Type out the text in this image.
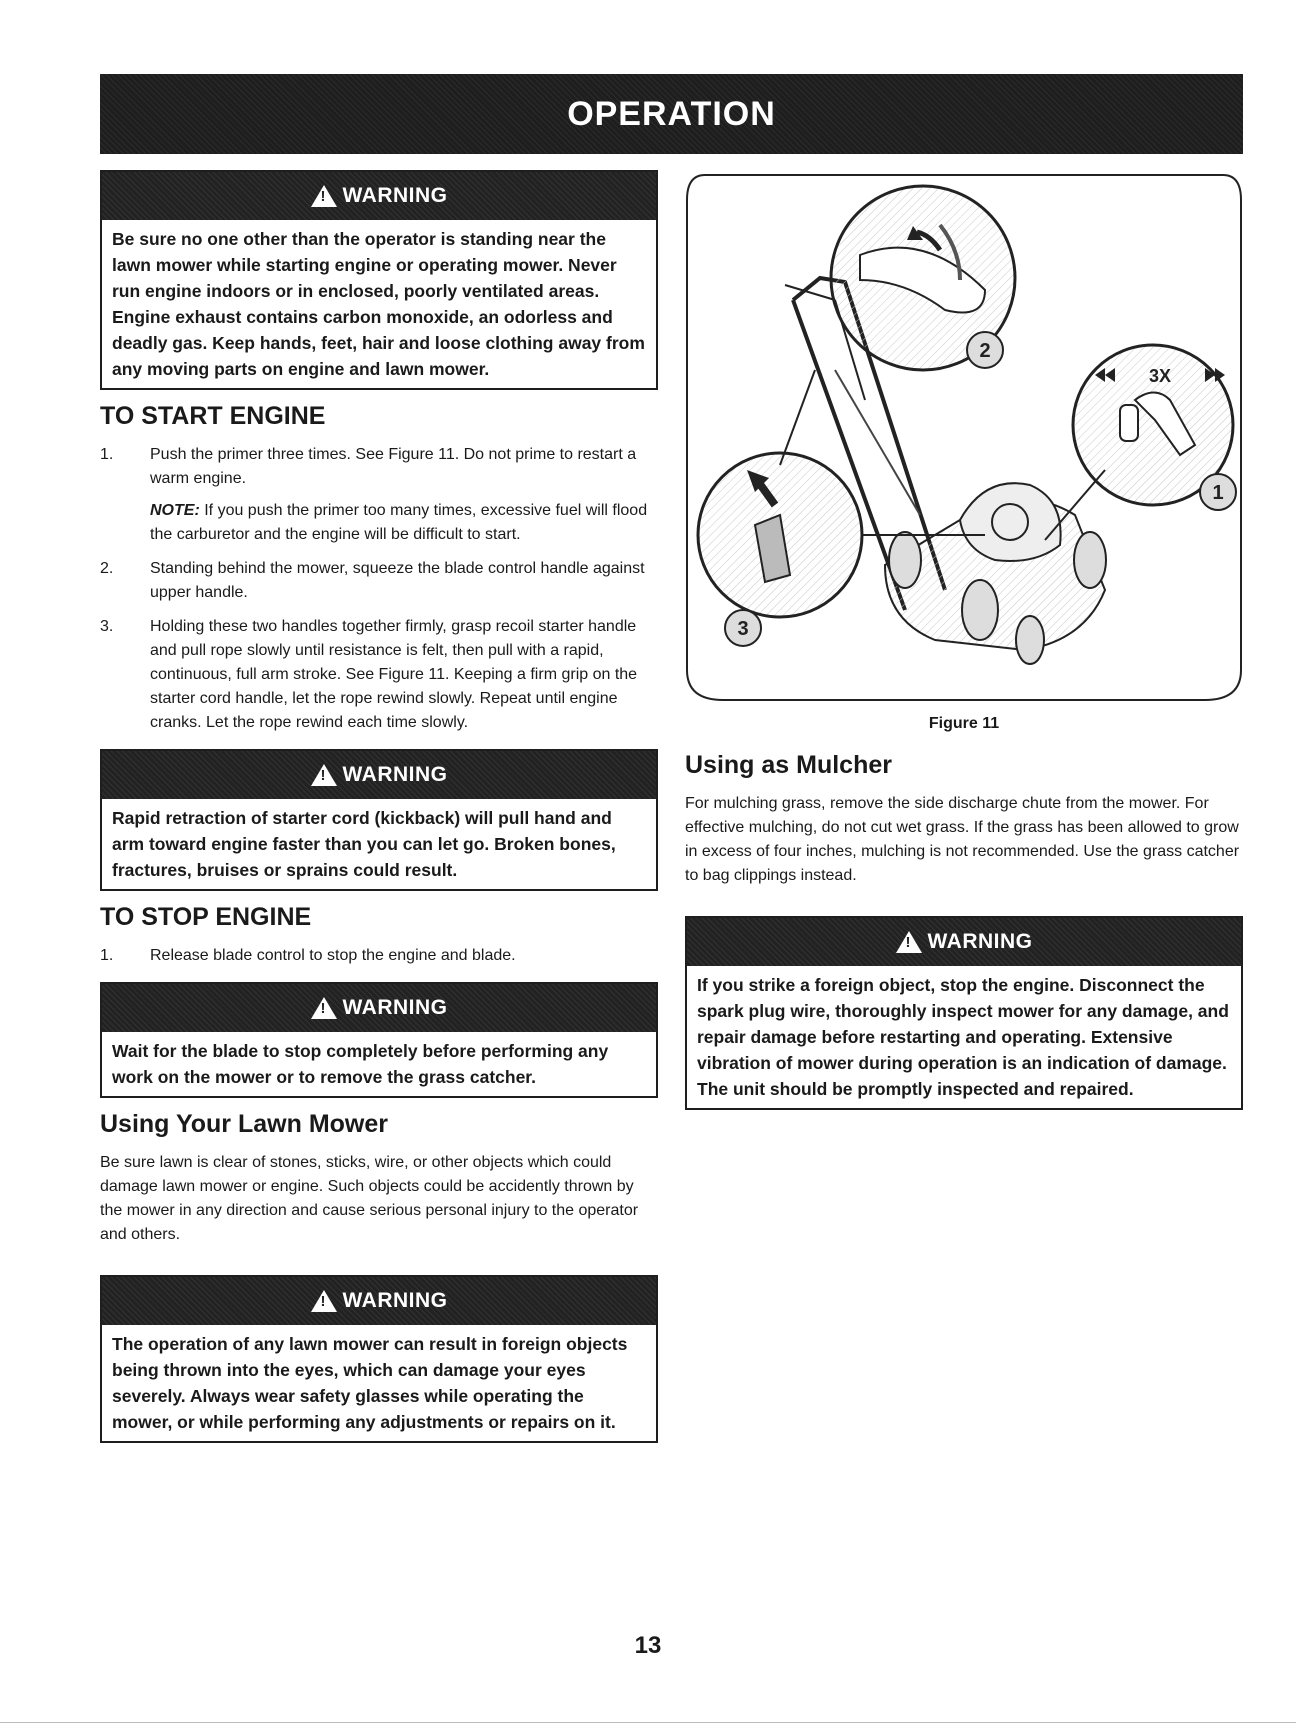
OPERATION
!
WARNING
Be sure no one other than the operator is standing near the lawn mower while starting engine or operating mower. Never run engine indoors or in enclosed, poorly ventilated areas. Engine exhaust contains carbon monoxide, an odorless and deadly gas. Keep hands, feet, hair and loose clothing away from any moving parts on engine and lawn mower.
TO START ENGINE
1.	Push the primer three times. See Figure 11. Do not prime to restart a warm engine.
NOTE: If you push the primer too many times, excessive fuel will flood the carburetor and the engine will be difficult to start.
2.	Standing behind the mower, squeeze the blade control handle against upper handle.
3.	Holding these two handles together firmly, grasp recoil starter handle and pull rope slowly until resistance is felt, then pull with a rapid, continuous, full arm stroke. See Figure 11. Keeping a firm grip on the starter cord handle, let the rope rewind slowly. Repeat until engine cranks. Let the rope rewind each time slowly.
!
WARNING
Rapid retraction of starter cord (kickback) will pull hand and arm toward engine faster than you can let go. Broken bones, fractures, bruises or sprains could result.
TO STOP ENGINE
1.	Release blade control to stop the engine and blade.
!
WARNING
Wait for the blade to stop completely before performing any work on the mower or to remove the grass catcher.
Using Your Lawn Mower

Be sure lawn is clear of stones, sticks, wire, or other objects which could damage lawn mower or engine. Such objects could be accidently thrown by the mower in any direction and cause serious personal injury to the operator and others.

!
WARNING
The operation of any lawn mower can result in foreign objects being thrown into the eyes, which can damage your eyes severely. Always wear safety glasses while operating the mower, or while performing any adjustments or repairs on it.
3X
2
1
3
Figure 11
Using as Mulcher

For mulching grass, remove the side discharge chute from the mower. For effective mulching, do not cut wet grass. If the grass has been allowed to grow in excess of four inches, mulching is not recommended. Use the grass catcher to bag clippings instead.

!
WARNING
If you strike a foreign object, stop the engine. Disconnect the spark plug wire, thoroughly inspect mower for any damage, and repair damage before restarting and operating. Extensive vibration of mower during operation is an indication of damage. The unit should be promptly inspected and repaired.
13
